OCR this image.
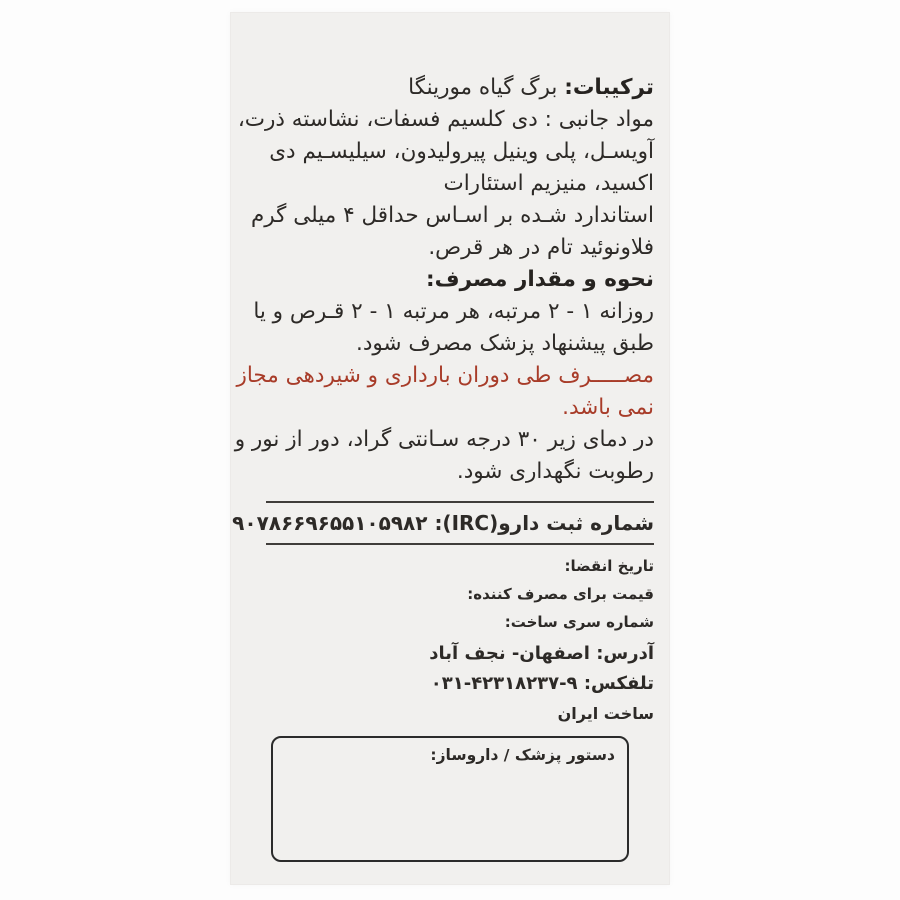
ترکیبات: برگ گیاه مورینگا

مواد جانبی : دی کلسیم فسفات، نشاسته ذرت،

آویسـل، پلی وینیل پیرولیدون، سیلیسـیم دی

اکسید، منیزیم استئارات

استاندارد شـده بر اسـاس حداقل ۴ میلی گرم

فلاونوئید تام در هر قرص.

نحوه و مقدار مصرف:

روزانه ۱ - ۲ مرتبه، هر مرتبه ۱ - ۲ قـرص و یا

طبق پیشنهاد پزشک مصرف شود.

مصـــــرف طی دوران بارداری و شیردهی مجاز

نمی باشد.

در دمای زیر ۳۰ درجه سـانتی گراد، دور از نور و

رطوبت نگهداری شود.

شماره ثبت دارو(IRC): ۹۰۷۸۶۶۹۶۵۵۱۰۵۹۸۲

تاریخ انقضا:

قیمت برای مصرف کننده:

شماره سری ساخت:

آدرس: اصفهان- نجف آباد

تلفکس: ۰۳۱-۴۲۳۱۸۲۳۷-۹

ساخت ایران

دستور پزشک / داروساز:
